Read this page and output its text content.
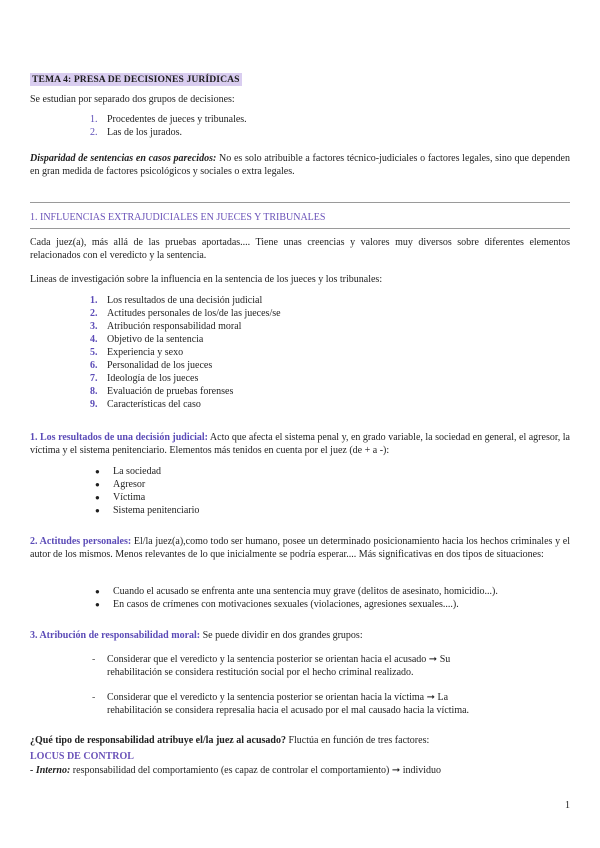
TEMA 4: PRESA DE DECISIONES JURÍDICAS
Se estudian por separado dos grupos de decisiones:
1. Procedentes de jueces y tribunales.
2. Las de los jurados.
Disparidad de sentencias en casos parecidos: No es solo atribuible a factores técnico-judiciales o factores legales, sino que dependen en gran medida de factores psicológicos y sociales o extra legales.
1. INFLUENCIAS EXTRAJUDICIALES EN JUECES Y TRIBUNALES
Cada juez(a), más allá de las pruebas aportadas.... Tiene unas creencias y valores muy diversos sobre diferentes elementos relacionados con el veredicto y la sentencia.
Lineas de investigación sobre la influencia en la sentencia de los jueces y los tribunales:
1. Los resultados de una decisión judicial
2. Actitudes personales de los/de las jueces/se
3. Atribución responsabilidad moral
4. Objetivo de la sentencia
5. Experiencia y sexo
6. Personalidad de los jueces
7. Ideología de los jueces
8. Evaluación de pruebas forenses
9. Características del caso
1. Los resultados de una decisión judicial: Acto que afecta el sistema penal y, en grado variable, la sociedad en general, el agresor, la víctima y el sistema penitenciario. Elementos más tenidos en cuenta por el juez (de + a -):
● La sociedad
● Agresor
● Víctima
● Sistema penitenciario
2. Actitudes personales: El/la juez(a),como todo ser humano, posee un determinado posicionamiento hacia los hechos criminales y el autor de los mismos. Menos relevantes de lo que inicialmente se podría esperar.... Más significativas en dos tipos de situaciones:
● Cuando el acusado se enfrenta ante una sentencia muy grave (delitos de asesinato, homicidio...).
● En casos de crímenes con motivaciones sexuales (violaciones, agresiones sexuales....).
3. Atribución de responsabilidad moral: Se puede dividir en dos grandes grupos:
- Considerar que el veredicto y la sentencia posterior se orientan hacia el acusado ➞ Su
rehabilitación se considera restitución social por el hecho criminal realizado.
- Considerar que el veredicto y la sentencia posterior se orientan hacia la víctima ➞ La
rehabilitación se considera represalia hacia el acusado por el mal causado hacia la víctima.
¿Qué tipo de responsabilidad atribuye el/la juez al acusado? Fluctúa en función de tres factores:
LOCUS DE CONTROL
- Interno: responsabilidad del comportamiento (es capaz de controlar el comportamiento) ➞ individuo
1
